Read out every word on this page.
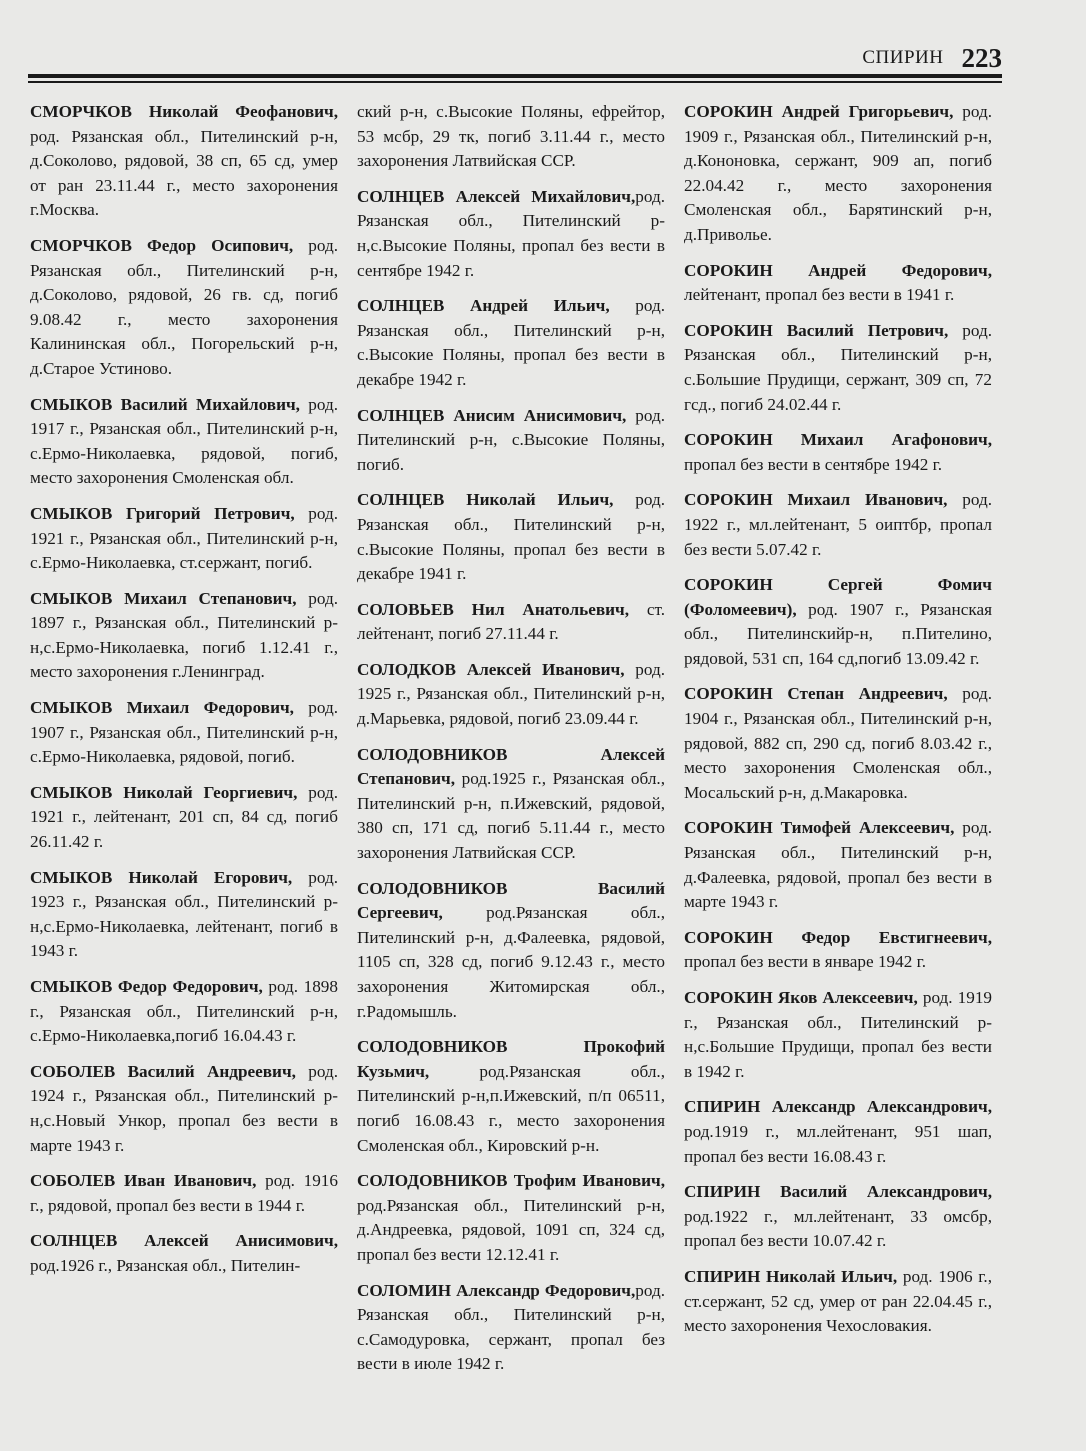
СПИРИН 223

СМОРЧКОВ Николай Феофанович, род. Рязанская обл., Пителинский р-н, д.Соколово, рядовой, 38 сп, 65 сд, умер от ран 23.11.44 г., место захоронения г.Москва.

СМОРЧКОВ Федор Осипович, род. Рязанская обл., Пителинский р-н, д.Соколово, рядовой, 26 гв. сд, погиб 9.08.42 г., место захоронения Калининская обл., Погорельский р-н, д.Старое Устиново.

СМЫКОВ Василий Михайлович, род. 1917 г., Рязанская обл., Пителинский р-н, с.Ермо-Николаевка, рядовой, погиб, место захоронения Смоленская обл.

СМЫКОВ Григорий Петрович, род. 1921 г., Рязанская обл., Пителинский р-н, с.Ермо-Николаевка, ст.сержант, погиб.

СМЫКОВ Михаил Степанович, род. 1897 г., Рязанская обл., Пителинский р-н,с.Ермо-Николаевка, погиб 1.12.41 г., место захоронения г.Ленинград.

СМЫКОВ Михаил Федорович, род. 1907 г., Рязанская обл., Пителинский р-н, с.Ермо-Николаевка, рядовой, погиб.

СМЫКОВ Николай Георгиевич, род. 1921 г., лейтенант, 201 сп, 84 сд, погиб 26.11.42 г.

СМЫКОВ Николай Егорович, род. 1923 г., Рязанская обл., Пителинский р-н,с.Ермо-Николаевка, лейтенант, погиб в 1943 г.

СМЫКОВ Федор Федорович, род. 1898 г., Рязанская обл., Пителинский р-н, с.Ермо-Николаевка,погиб 16.04.43 г.

СОБОЛЕВ Василий Андреевич, род. 1924 г., Рязанская обл., Пителинский р-н,с.Новый Ункор, пропал без вести в марте 1943 г.

СОБОЛЕВ Иван Иванович, род. 1916 г., рядовой, пропал без вести в 1944 г.

СОЛНЦЕВ Алексей Анисимович, род.1926 г., Рязанская обл., Пителин-

ский р-н, с.Высокие Поляны, ефрейтор, 53 мсбр, 29 тк, погиб 3.11.44 г., место захоронения Латвийская ССР.

СОЛНЦЕВ Алексей Михайлович,род. Рязанская обл., Пителинский р-н,с.Высокие Поляны, пропал без вести в сентябре 1942 г.

СОЛНЦЕВ Андрей Ильич, род. Рязанская обл., Пителинский р-н, с.Высокие Поляны, пропал без вести в декабре 1942 г.

СОЛНЦЕВ Анисим Анисимович, род. Пителинский р-н, с.Высокие Поляны, погиб.

СОЛНЦЕВ Николай Ильич, род. Рязанская обл., Пителинский р-н, с.Высокие Поляны, пропал без вести в декабре 1941 г.

СОЛОВЬЕВ Нил Анатольевич, ст. лейтенант, погиб 27.11.44 г.

СОЛОДКОВ Алексей Иванович, род. 1925 г., Рязанская обл., Пителинский р-н, д.Марьевка, рядовой, погиб 23.09.44 г.

СОЛОДОВНИКОВ Алексей Степанович, род.1925 г., Рязанская обл., Пителинский р-н, п.Ижевский, рядовой, 380 сп, 171 сд, погиб 5.11.44 г., место захоронения Латвийская ССР.

СОЛОДОВНИКОВ Василий Сергеевич, род.Рязанская обл., Пителинский р-н, д.Фалеевка, рядовой, 1105 сп, 328 сд, погиб 9.12.43 г., место захоронения Житомирская обл., г.Радомышль.

СОЛОДОВНИКОВ Прокофий Кузьмич, род.Рязанская обл., Пителинский р-н,п.Ижевский, п/п 06511, погиб 16.08.43 г., место захоронения Смоленская обл., Кировский р-н.

СОЛОДОВНИКОВ Трофим Иванович, род.Рязанская обл., Пителинский р-н, д.Андреевка, рядовой, 1091 сп, 324 сд, пропал без вести 12.12.41 г.

СОЛОМИН Александр Федорович,род. Рязанская обл., Пителинский р-н, с.Самодуровка, сержант, пропал без вести в июле 1942 г.

СОРОКИН Андрей Григорьевич, род. 1909 г., Рязанская обл., Пителинский р-н, д.Кононовка, сержант, 909 ап, погиб 22.04.42 г., место захоронения Смоленская обл., Барятинский р-н, д.Приволье.

СОРОКИН Андрей Федорович, лейтенант, пропал без вести в 1941 г.

СОРОКИН Василий Петрович, род. Рязанская обл., Пителинский р-н, с.Большие Прудищи, сержант, 309 сп, 72 гсд., погиб 24.02.44 г.

СОРОКИН Михаил Агафонович, пропал без вести в сентябре 1942 г.

СОРОКИН Михаил Иванович, род. 1922 г., мл.лейтенант, 5 оиптбр, пропал без вести 5.07.42 г.

СОРОКИН Сергей Фомич (Фоломеевич), род. 1907 г., Рязанская обл., Пителинскийр-н, п.Пителино, рядовой, 531 сп, 164 сд,погиб 13.09.42 г.

СОРОКИН Степан Андреевич, род. 1904 г., Рязанская обл., Пителинский р-н, рядовой, 882 сп, 290 сд, погиб 8.03.42 г., место захоронения Смоленская обл., Мосальский р-н, д.Макаровка.

СОРОКИН Тимофей Алексеевич, род. Рязанская обл., Пителинский р-н, д.Фалеевка, рядовой, пропал без вести в марте 1943 г.

СОРОКИН Федор Евстигнеевич, пропал без вести в январе 1942 г.

СОРОКИН Яков Алексеевич, род. 1919 г., Рязанская обл., Пителинский р-н,с.Большие Прудищи, пропал без вести в 1942 г.

СПИРИН Александр Александрович, род.1919 г., мл.лейтенант, 951 шап, пропал без вести 16.08.43 г.

СПИРИН Василий Александрович, род.1922 г., мл.лейтенант, 33 омсбр, пропал без вести 10.07.42 г.

СПИРИН Николай Ильич, род. 1906 г., ст.сержант, 52 сд, умер от ран 22.04.45 г., место захоронения Чехословакия.
